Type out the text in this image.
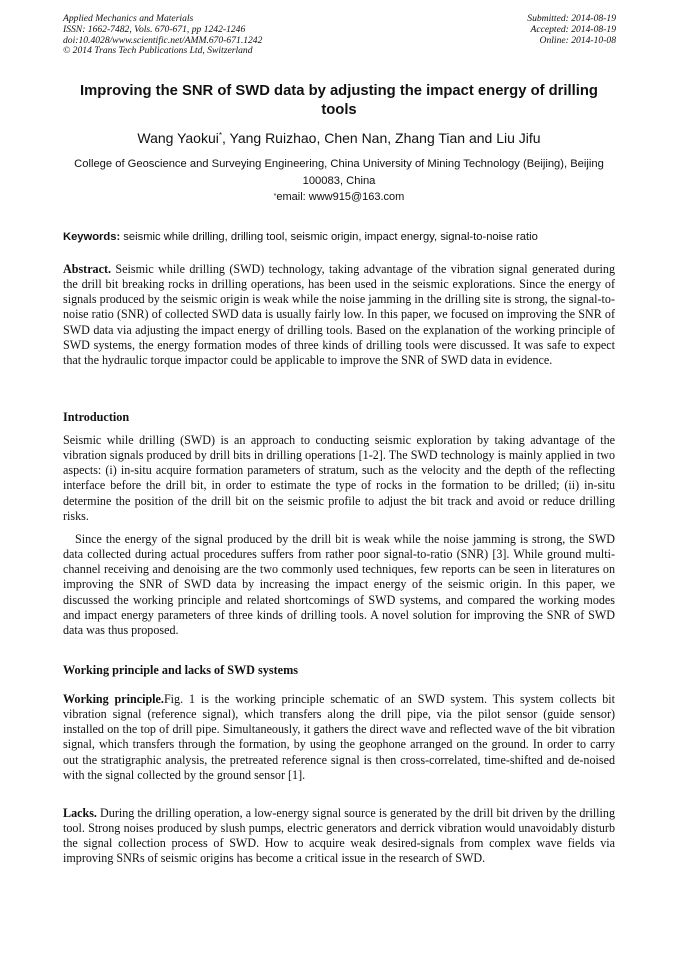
Applied Mechanics and Materials
ISSN: 1662-7482, Vols. 670-671, pp 1242-1246
doi:10.4028/www.scientific.net/AMM.670-671.1242
© 2014 Trans Tech Publications Ltd, Switzerland
Submitted: 2014-08-19
Accepted: 2014-08-19
Online: 2014-10-08
Improving the SNR of SWD data by adjusting the impact energy of drilling tools
Wang Yaokui*, Yang Ruizhao, Chen Nan, Zhang Tian and Liu Jifu
College of Geoscience and Surveying Engineering, China University of Mining Technology (Beijing), Beijing 100083, China
*email: www915@163.com
Keywords: seismic while drilling, drilling tool, seismic origin, impact energy, signal-to-noise ratio

Abstract. Seismic while drilling (SWD) technology, taking advantage of the vibration signal generated during the drill bit breaking rocks in drilling operations, has been used in the seismic explorations. Since the energy of signals produced by the seismic origin is weak while the noise jamming in the drilling site is strong, the signal-to-noise ratio (SNR) of collected SWD data is usually fairly low. In this paper, we focused on improving the SNR of SWD data via adjusting the impact energy of drilling tools. Based on the explanation of the working principle of SWD systems, the energy formation modes of three kinds of drilling tools were discussed. It was safe to expect that the hydraulic torque impactor could be applicable to improve the SNR of SWD data in evidence.

Introduction

Seismic while drilling (SWD) is an approach to conducting seismic exploration by taking advantage of the vibration signals produced by drill bits in drilling operations [1-2]. The SWD technology is mainly applied in two aspects: (i) in-situ acquire formation parameters of stratum, such as the velocity and the depth of the reflecting interface before the drill bit, in order to estimate the type of rocks in the formation to be drilled; (ii) in-situ determine the position of the drill bit on the seismic profile to adjust the bit track and avoid or reduce drilling risks.

Since the energy of the signal produced by the drill bit is weak while the noise jamming is strong, the SWD data collected during actual procedures suffers from rather poor signal-to-ratio (SNR) [3]. While ground multi-channel receiving and denoising are the two commonly used techniques, few reports can be seen in literatures on improving the SNR of SWD data by increasing the impact energy of the seismic origin. In this paper, we discussed the working principle and related shortcomings of SWD systems, and compared the working modes and impact energy parameters of three kinds of drilling tools. A novel solution for improving the SNR of SWD data was thus proposed.

Working principle and lacks of SWD systems

Working principle.Fig. 1 is the working principle schematic of an SWD system. This system collects bit vibration signal (reference signal), which transfers along the drill pipe, via the pilot sensor (guide sensor) installed on the top of drill pipe. Simultaneously, it gathers the direct wave and reflected wave of the bit vibration signal, which transfers through the formation, by using the geophone arranged on the ground. In order to carry out the stratigraphic analysis, the pretreated reference signal is then cross-correlated, time-shifted and de-noised with the signal collected by the ground sensor [1].

Lacks. During the drilling operation, a low-energy signal source is generated by the drill bit driven by the drilling tool. Strong noises produced by slush pumps, electric generators and derrick vibration would unavoidably disturb the signal collection process of SWD. How to acquire weak desired-signals from complex wave fields via improving SNRs of seismic origins has become a critical issue in the research of SWD.
